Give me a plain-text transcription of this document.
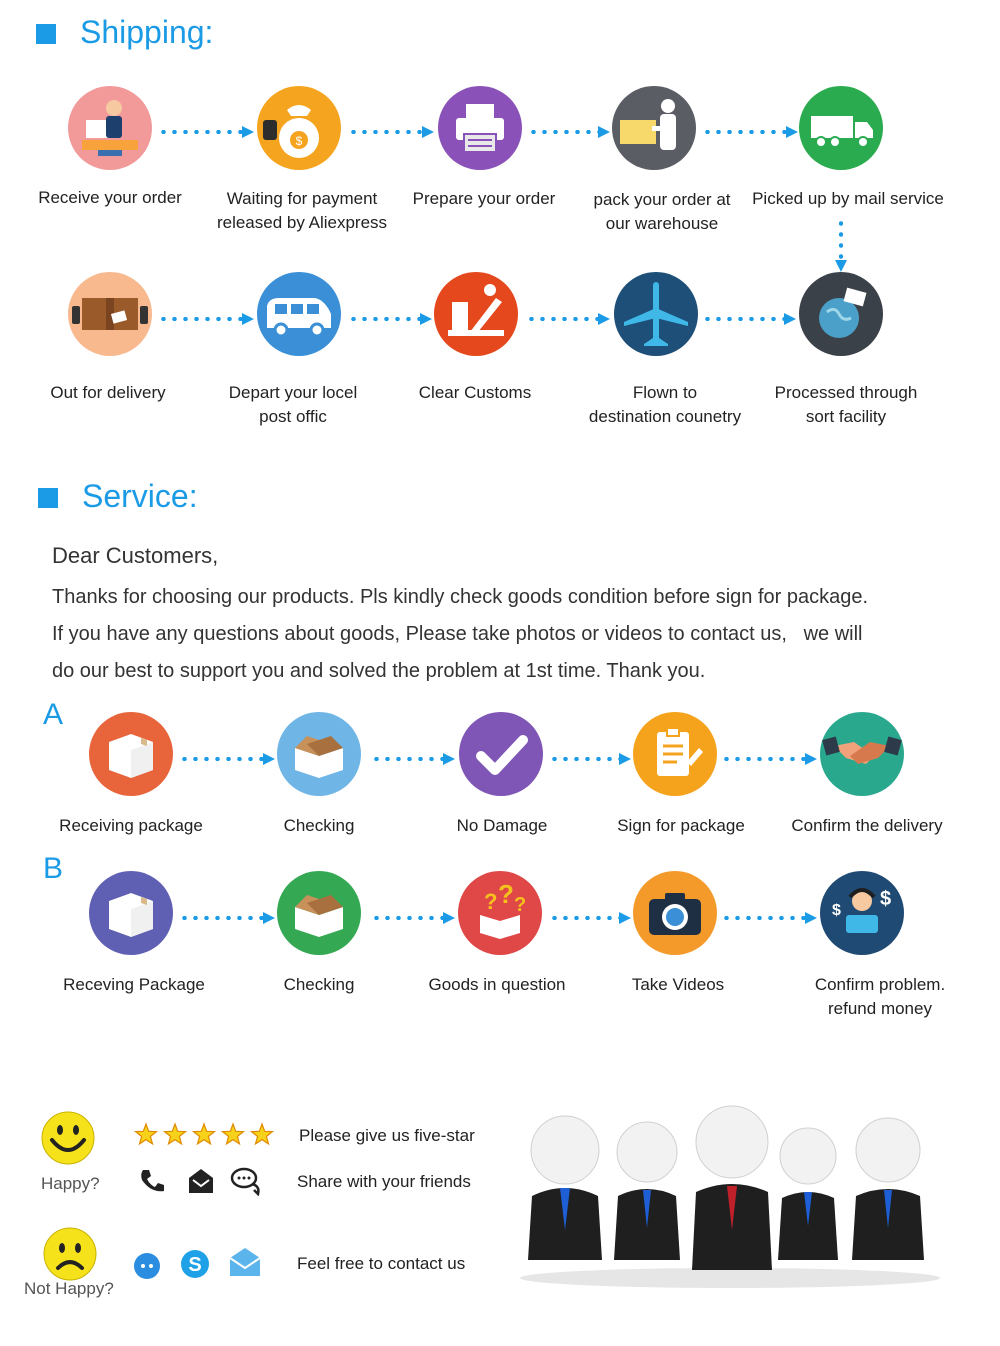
Shipping:
$
Receive your order	Waiting for payment
released by Aliexpress
Prepare your order	pack your order at
our warehouse
Picked up by mail service
Out for delivery	Depart your locel
post offic
Clear Customs	Flown to
destination counetry
Processed through
sort facility
Service:
Dear Customers,
Thanks for choosing our products. Pls kindly check goods condition before sign for package.
If you have any questions about goods, Please take photos or videos to contact us,   we will
do our best to support you and solved the problem at 1st time. Thank you.
A
Receiving package	Checking	No Damage	Sign for package	Confirm the delivery
B
? ? ?	$
$
Receving Package	Checking	Goods in question	Take Videos	Confirm problem.
refund money
Happy?
Please give us five-star
Share with your friends
Not Happy?
S	Feel free to contact us
